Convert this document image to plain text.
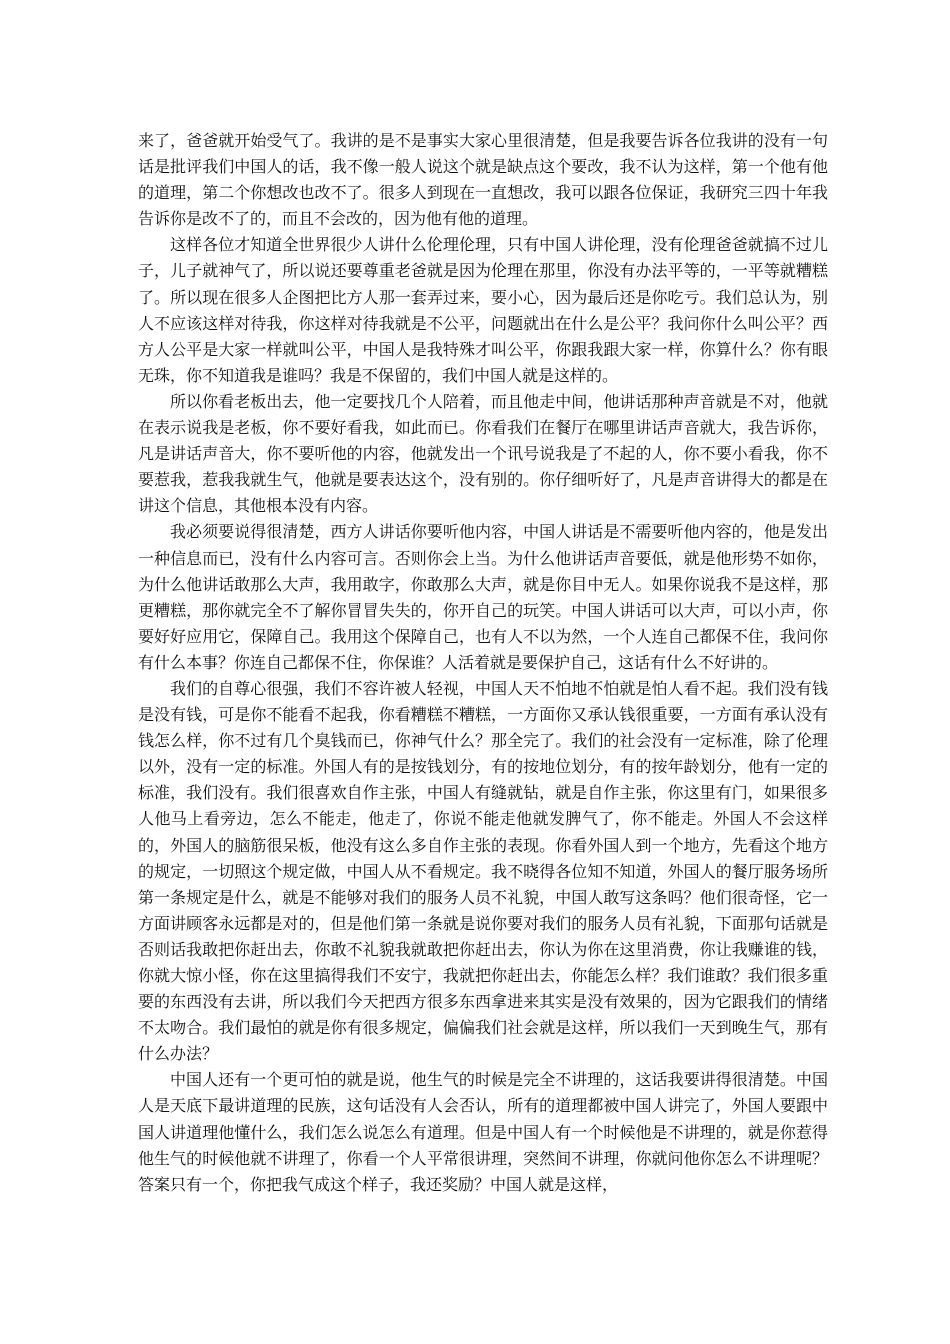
来了，爸爸就开始受气了。我讲的是不是事实大家心里很清楚，但是我要告诉各位我讲的没有一句话是批评我们中国人的话，我不像一般人说这个就是缺点这个要改，我不认为这样，第一个他有他的道理，第二个你想改也改不了。很多人到现在一直想改，我可以跟各位保证，我研究三四十年我告诉你是改不了的，而且不会改的，因为他有他的道理。

这样各位才知道全世界很少人讲什么伦理伦理，只有中国人讲伦理，没有伦理爸爸就搞不过儿子，儿子就神气了，所以说还要尊重老爸就是因为伦理在那里，你没有办法平等的，一平等就糟糕了。所以现在很多人企图把比方人那一套弄过来，要小心，因为最后还是你吃亏。我们总认为，别人不应该这样对待我，你这样对待我就是不公平，问题就出在什么是公平？我问你什么叫公平？西方人公平是大家一样就叫公平，中国人是我特殊才叫公平，你跟我跟大家一样，你算什么？你有眼无珠，你不知道我是谁吗？我是不保留的，我们中国人就是这样的。

所以你看老板出去，他一定要找几个人陪着，而且他走中间，他讲话那种声音就是不对，他就在表示说我是老板，你不要好看我，如此而已。你看我们在餐厅在哪里讲话声音就大，我告诉你，凡是讲话声音大，你不要听他的内容，他就发出一个讯号说我是了不起的人，你不要小看我，你不要惹我，惹我我就生气，他就是要表达这个，没有别的。你仔细听好了，凡是声音讲得大的都是在讲这个信息，其他根本没有内容。

我必须要说得很清楚，西方人讲话你要听他内容，中国人讲话是不需要听他内容的，他是发出一种信息而已，没有什么内容可言。否则你会上当。为什么他讲话声音要低，就是他形势不如你，为什么他讲话敢那么大声，我用敢字，你敢那么大声，就是你目中无人。如果你说我不是这样，那更糟糕，那你就完全不了解你冒冒失失的，你开自己的玩笑。中国人讲话可以大声，可以小声，你要好好应用它，保障自己。我用这个保障自己，也有人不以为然，一个人连自己都保不住，我问你有什么本事？你连自己都保不住，你保谁？人活着就是要保护自己，这话有什么不好讲的。

我们的自尊心很强，我们不容许被人轻视，中国人天不怕地不怕就是怕人看不起。我们没有钱是没有钱，可是你不能看不起我，你看糟糕不糟糕，一方面你又承认钱很重要，一方面有承认没有钱怎么样，你不过有几个臭钱而已，你神气什么？那全完了。我们的社会没有一定标准，除了伦理以外，没有一定的标准。外国人有的是按钱划分，有的按地位划分，有的按年龄划分，他有一定的标准，我们没有。我们很喜欢自作主张，中国人有缝就钻，就是自作主张，你这里有门，如果很多人他马上看旁边，怎么不能走，他走了，你说不能走他就发脾气了，你不能走。外国人不会这样的，外国人的脑筋很呆板，他没有这么多自作主张的表现。你看外国人到一个地方，先看这个地方的规定，一切照这个规定做，中国人从不看规定。我不晓得各位知不知道，外国人的餐厅服务场所第一条规定是什么，就是不能够对我们的服务人员不礼貌，中国人敢写这条吗？他们很奇怪，它一方面讲顾客永远都是对的，但是他们第一条就是说你要对我们的服务人员有礼貌，下面那句话就是否则话我敢把你赶出去，你敢不礼貌我就敢把你赶出去，你认为你在这里消费，你让我赚谁的钱，你就大惊小怪，你在这里搞得我们不安宁，我就把你赶出去，你能怎么样？我们谁敢？我们很多重要的东西没有去讲，所以我们今天把西方很多东西拿进来其实是没有效果的，因为它跟我们的情绪不太吻合。我们最怕的就是你有很多规定，偏偏我们社会就是这样，所以我们一天到晚生气，那有什么办法？

中国人还有一个更可怕的就是说，他生气的时候是完全不讲理的，这话我要讲得很清楚。中国人是天底下最讲道理的民族，这句话没有人会否认，所有的道理都被中国人讲完了，外国人要跟中国人讲道理他懂什么，我们怎么说怎么有道理。但是中国人有一个时候他是不讲理的，就是你惹得他生气的时候他就不讲理了，你看一个人平常很讲理，突然间不讲理，你就问他你怎么不讲理呢？答案只有一个，你把我气成这个样子，我还奖励？中国人就是这样，
